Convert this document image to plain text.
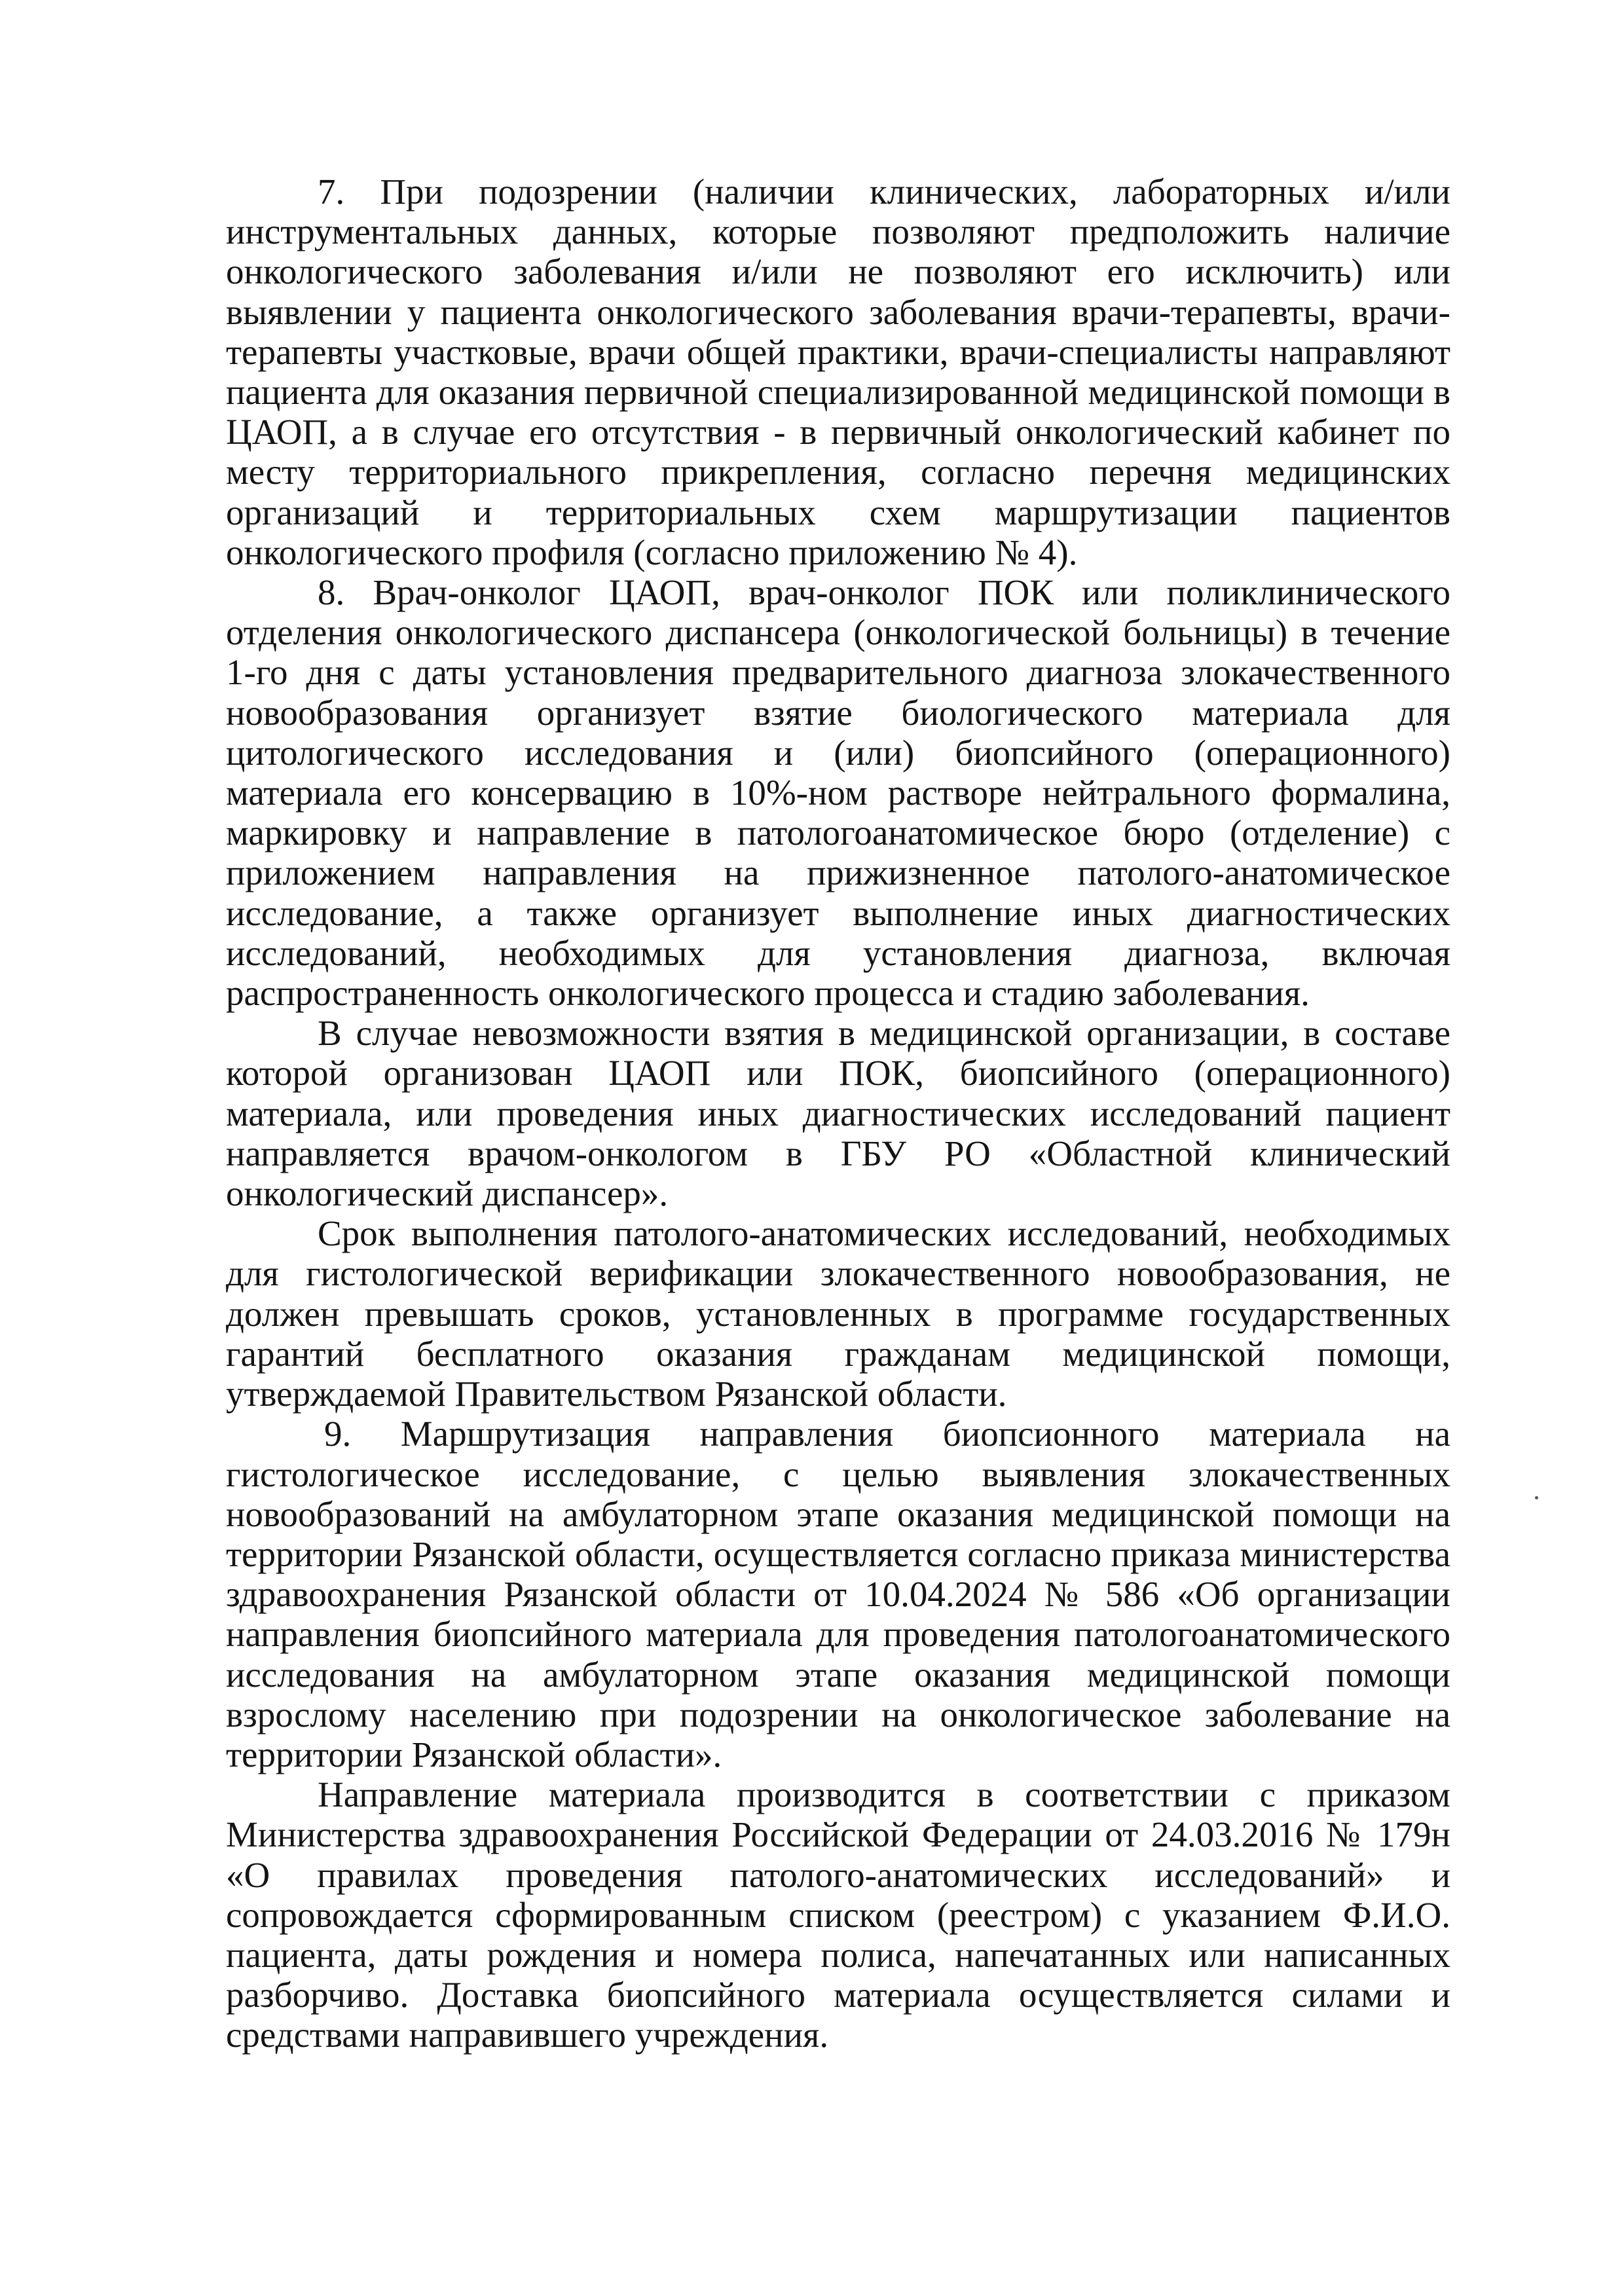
7. При подозрении (наличии клинических, лабораторных и/или инструментальных данных, которые позволяют предположить наличие онкологического заболевания и/или не позволяют его исключить) или выявлении у пациента онкологического заболевания врачи-терапевты, врачи-терапевты участковые, врачи общей практики, врачи-специалисты направляют пациента для оказания первичной специализированной медицинской помощи в ЦАОП, а в случае его отсутствия - в первичный онкологический кабинет по месту территориального прикрепления, согласно перечня медицинских организаций и территориальных схем маршрутизации пациентов онкологического профиля (согласно приложению № 4).

8. Врач-онколог ЦАОП, врач-онколог ПОК или поликлинического отделения онкологического диспансера (онкологической больницы) в течение 1-го дня с даты установления предварительного диагноза злокачественного новообразования организует взятие биологического материала для цитологического исследования и (или) биопсийного (операционного) материала его консервацию в 10%-ном растворе нейтрального формалина, маркировку и направление в патологоанатомическое бюро (отделение) с приложением направления на прижизненное патолого-анатомическое исследование, а также организует выполнение иных диагностических исследований, необходимых для установления диагноза, включая распространенность онкологического процесса и стадию заболевания.

В случае невозможности взятия в медицинской организации, в составе которой организован ЦАОП или ПОК, биопсийного (операционного) материала, или проведения иных диагностических исследований пациент направляется врачом-онкологом в ГБУ РО «Областной клинический онкологический диспансер».

Срок выполнения патолого-анатомических исследований, необходимых для гистологической верификации злокачественного новообразования, не должен превышать сроков, установленных в программе государственных гарантий бесплатного оказания гражданам медицинской помощи, утверждаемой Правительством Рязанской области.

9. Маршрутизация направления биопсионного материала на гистологическое исследование, с целью выявления злокачественных новообразований на амбулаторном этапе оказания медицинской помощи на территории Рязанской области, осуществляется согласно приказа министерства здравоохранения Рязанской области от 10.04.2024 № 586 «Об организации направления биопсийного материала для проведения патологоанатомического исследования на амбулаторном этапе оказания медицинской помощи взрослому населению при подозрении на онкологическое заболевание на территории Рязанской области».

Направление материала производится в соответствии с приказом Министерства здравоохранения Российской Федерации от 24.03.2016 № 179н «О правилах проведения патолого-анатомических исследований» и сопровождается сформированным списком (реестром) с указанием Ф.И.О. пациента, даты рождения и номера полиса, напечатанных или написанных разборчиво. Доставка биопсийного материала осуществляется силами и средствами направившего учреждения.
